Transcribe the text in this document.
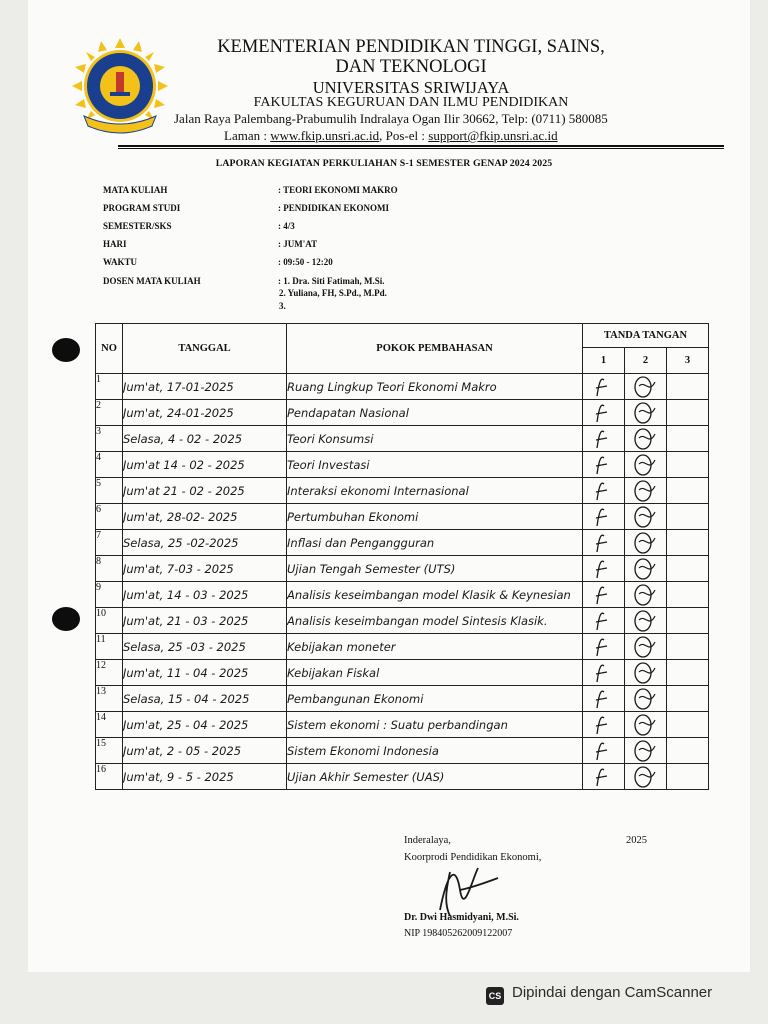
KEMENTERIAN PENDIDIKAN TINGGI, SAINS,
DAN TEKNOLOGI
UNIVERSITAS SRIWIJAYA
FAKULTAS KEGURUAN DAN ILMU PENDIDIKAN
Jalan Raya Palembang-Prabumulih Indralaya Ogan Ilir 30662, Telp: (0711) 580085
Laman : www.fkip.unsri.ac.id, Pos-el : support@fkip.unsri.ac.id
LAPORAN KEGIATAN PERKULIAHAN S-1 SEMESTER GENAP 2024 2025
MATA KULIAH	: TEORI EKONOMI MAKRO
PROGRAM STUDI	: PENDIDIKAN EKONOMI
SEMESTER/SKS	: 4/3
HARI	: JUM'AT
WAKTU	: 09:50 - 12:20
DOSEN MATA KULIAH	: 1. Dra. Siti Fatimah, M.Si.
2. Yuliana, FH, S.Pd., M.Pd.
3.
NO	TANGGAL	POKOK PEMBAHASAN	TANDA TANGAN		
			1	2	3
1	Jum'at, 17-01-2025	Ruang Lingkup Teori Ekonomi Makro	

2	Jum'at, 24-01-2025	Pendapatan Nasional	

3	Selasa, 4 - 02 - 2025	Teori Konsumsi	

4	Jum'at 14 - 02 - 2025	Teori Investasi	

5	Jum'at 21 - 02 - 2025	Interaksi ekonomi Internasional	

6	Jum'at, 28-02- 2025	Pertumbuhan Ekonomi	

7	Selasa, 25 -02-2025	Inflasi dan Pengangguran	

8	Jum'at, 7-03 - 2025	Ujian Tengah Semester (UTS)	

9	Jum'at, 14 - 03 - 2025	Analisis keseimbangan model Klasik & Keynesian	

10	Jum'at, 21 - 03 - 2025	Analisis keseimbangan model Sintesis Klasik.	

11	Selasa, 25 -03 - 2025	Kebijakan moneter	

12	Jum'at, 11 - 04 - 2025	Kebijakan Fiskal	

13	Selasa, 15 - 04 - 2025	Pembangunan Ekonomi	

14	Jum'at, 25 - 04 - 2025	Sistem ekonomi : Suatu perbandingan	

15	Jum'at, 2 - 05 - 2025	Sistem Ekonomi Indonesia	

16	Jum'at, 9 - 5 - 2025	Ujian Akhir Semester (UAS)	

Inderalaya,	2025
Koorprodi Pendidikan Ekonomi,
Dr. Dwi Hasmidyani, M.Si.
NIP 198405262009122007
CS Dipindai dengan CamScanner
